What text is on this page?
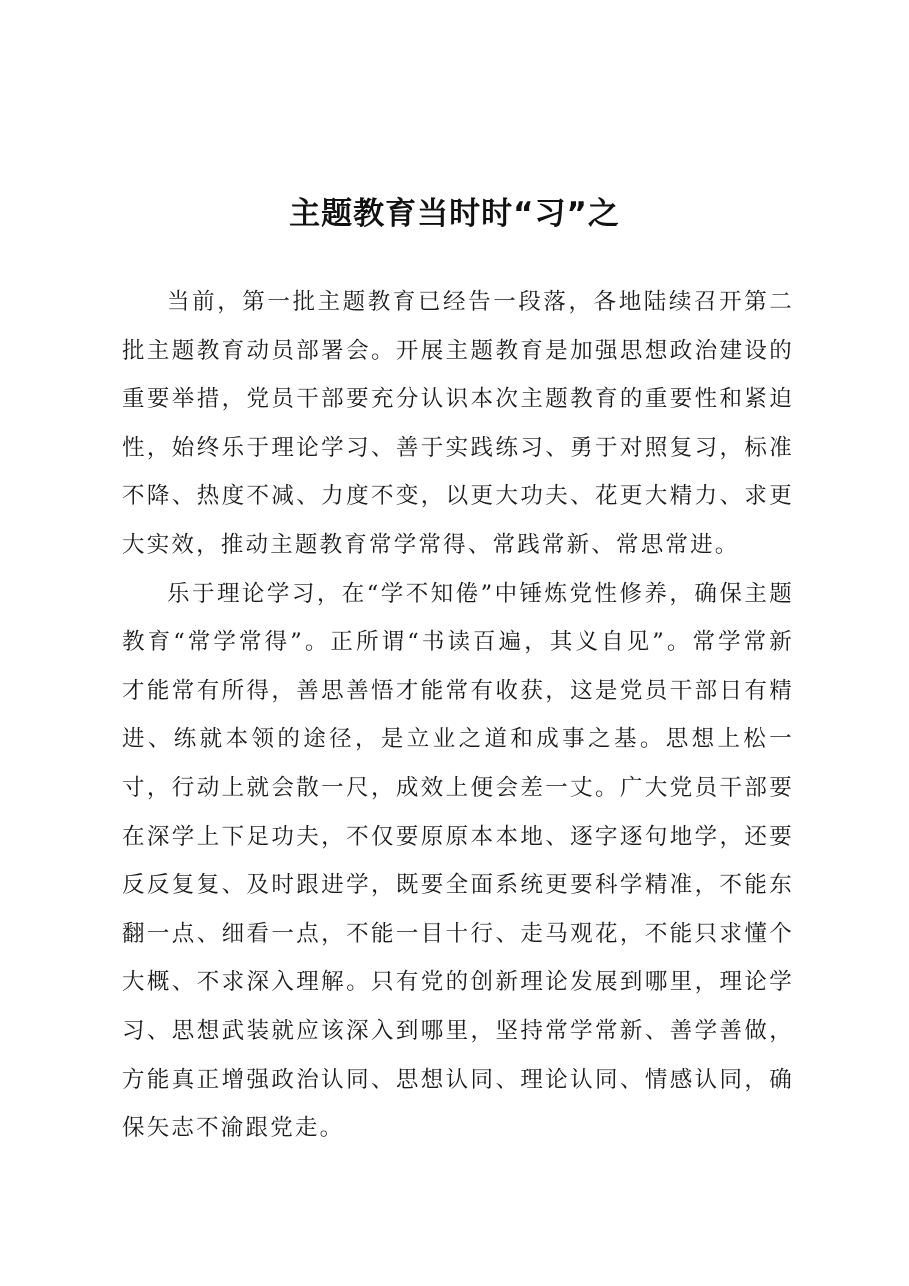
主题教育当时时“习”之

当前，第一批主题教育已经告一段落，各地陆续召开第二批主题教育动员部署会。开展主题教育是加强思想政治建设的重要举措，党员干部要充分认识本次主题教育的重要性和紧迫性，始终乐于理论学习、善于实践练习、勇于对照复习，标准不降、热度不减、力度不变，以更大功夫、花更大精力、求更大实效，推动主题教育常学常得、常践常新、常思常进。

乐于理论学习，在“学不知倦”中锤炼党性修养，确保主题教育“常学常得”。正所谓“书读百遍，其义自见”。常学常新才能常有所得，善思善悟才能常有收获，这是党员干部日有精进、练就本领的途径，是立业之道和成事之基。思想上松一寸，行动上就会散一尺，成效上便会差一丈。广大党员干部要在深学上下足功夫，不仅要原原本本地、逐字逐句地学，还要反反复复、及时跟进学，既要全面系统更要科学精准，不能东翻一点、细看一点，不能一目十行、走马观花，不能只求懂个大概、不求深入理解。只有党的创新理论发展到哪里，理论学习、思想武装就应该深入到哪里，坚持常学常新、善学善做，方能真正增强政治认同、思想认同、理论认同、情感认同，确保矢志不渝跟党走。
